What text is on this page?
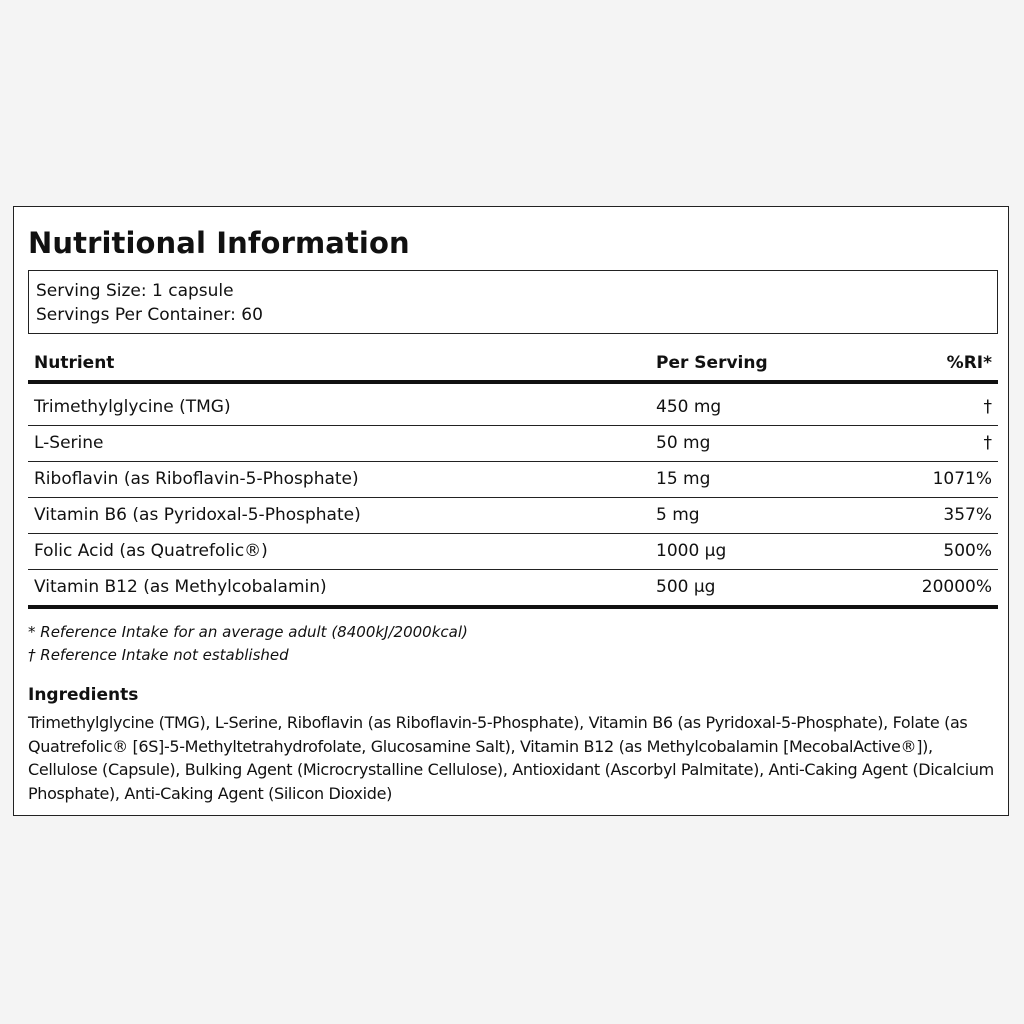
Nutritional Information
Serving Size: 1 capsule
Servings Per Container: 60
Nutrient	Per Serving	%RI*
Trimethylglycine (TMG)	450 mg	†
L-Serine	50 mg	†
Riboflavin (as Riboflavin-5-Phosphate)	15 mg	1071%
Vitamin B6 (as Pyridoxal-5-Phosphate)	5 mg	357%
Folic Acid (as Quatrefolic®)	1000 µg	500%
Vitamin B12 (as Methylcobalamin)	500 µg	20000%
* Reference Intake for an average adult (8400kJ/2000kcal)
† Reference Intake not established
Ingredients

Trimethylglycine (TMG), L-Serine, Riboflavin (as Riboflavin-5-Phosphate), Vitamin B6 (as Pyridoxal-5-Phosphate), Folate (as Quatrefolic® [6S]-5-Methyltetrahydrofolate, Glucosamine Salt), Vitamin B12 (as Methylcobalamin [MecobalActive®]), Cellulose (Capsule), Bulking Agent (Microcrystalline Cellulose), Antioxidant (Ascorbyl Palmitate), Anti-Caking Agent (Dicalcium Phosphate), Anti-Caking Agent (Silicon Dioxide)
